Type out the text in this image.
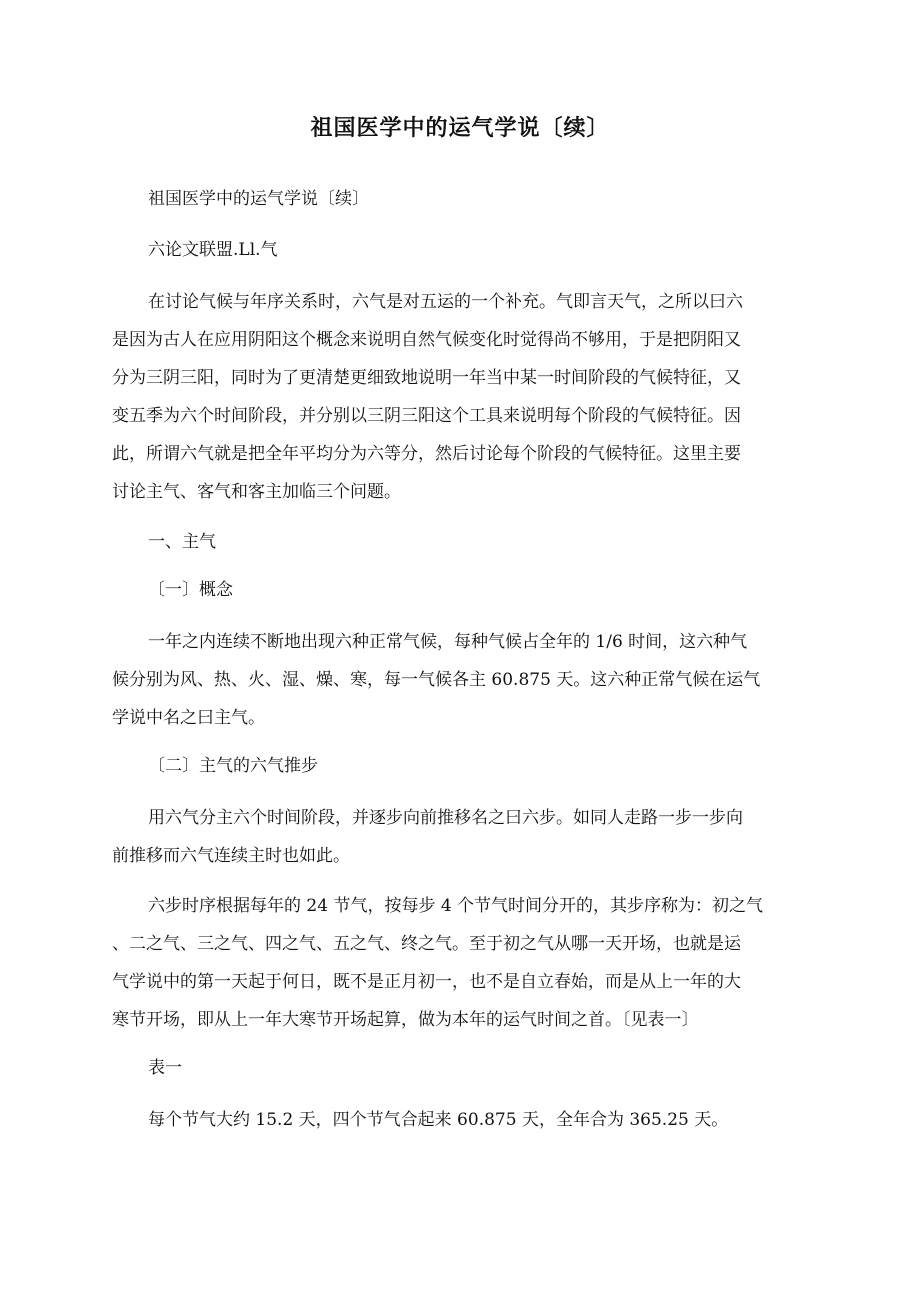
祖国医学中的运气学说〔续〕
祖国医学中的运气学说〔续〕
六论文联盟.Ll.气
在讨论气候与年序关系时，六气是对五运的一个补充。气即言天气，之所以曰六
是因为古人在应用阴阳这个概念来说明自然气候变化时觉得尚不够用，于是把阴阳又
分为三阴三阳，同时为了更清楚更细致地说明一年当中某一时间阶段的气候特征，又
变五季为六个时间阶段，并分别以三阴三阳这个工具来说明每个阶段的气候特征。因
此，所谓六气就是把全年平均分为六等分，然后讨论每个阶段的气候特征。这里主要
讨论主气、客气和客主加临三个问题。
一、主气
〔一〕概念
一年之内连续不断地出现六种正常气候，每种气候占全年的 1/6 时间，这六种气
候分别为风、热、火、湿、燥、寒，每一气候各主 60.875 天。这六种正常气候在运气
学说中名之曰主气。
〔二〕主气的六气推步
用六气分主六个时间阶段，并逐步向前推移名之曰六步。如同人走路一步一步向
前推移而六气连续主时也如此。
六步时序根据每年的 24 节气，按每步 4 个节气时间分开的，其步序称为：初之气
、二之气、三之气、四之气、五之气、终之气。至于初之气从哪一天开场，也就是运
气学说中的第一天起于何日，既不是正月初一，也不是自立春始，而是从上一年的大
寒节开场，即从上一年大寒节开场起算，做为本年的运气时间之首。〔见表一〕
表一
每个节气大约 15.2 天，四个节气合起来 60.875 天，全年合为 365.25 天。
